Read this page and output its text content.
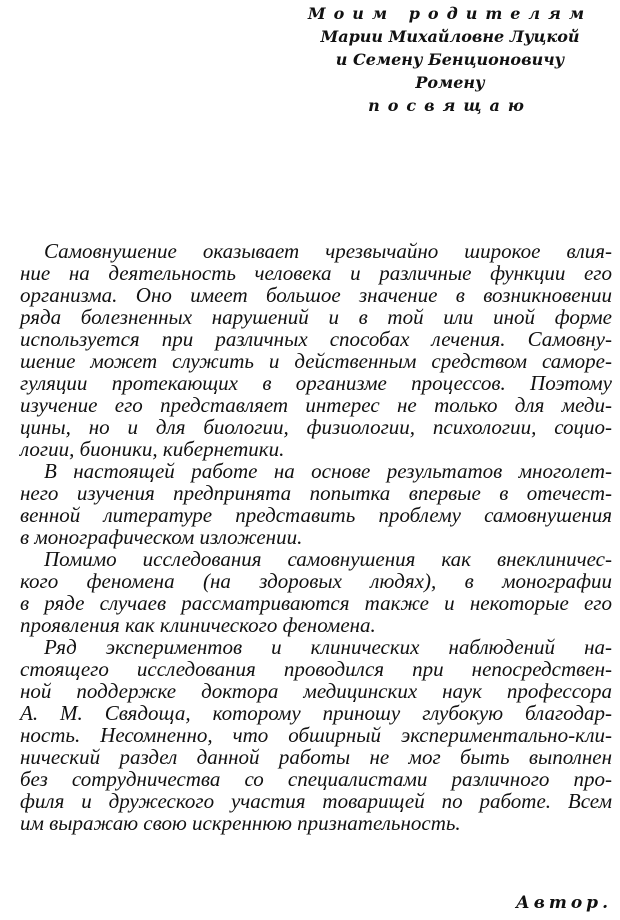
Моим родителям
Марии Михайловне Луцкой
и Семену Бенционовичу Ромену
посвящаю
Самовнушение оказывает чрезвычайно широкое влия-
ние на деятельность человека и различные функции его
организма. Оно имеет большое значение в возникновении
ряда болезненных нарушений и в той или иной форме
используется при различных способах лечения. Самовну-
шение может служить и действенным средством саморе-
гуляции протекающих в организме процессов. Поэтому
изучение его представляет интерес не только для меди-
цины, но и для биологии, физиологии, психологии, социо-
логии, бионики, кибернетики.
В настоящей работе на основе результатов многолет-
него изучения предпринята попытка впервые в отечест-
венной литературе представить проблему самовнушения
в монографическом изложении.
Помимо исследования самовнушения как внеклиничес-
кого феномена (на здоровых людях), в монографии
в ряде случаев рассматриваются также и некоторые его
проявления как клинического феномена.
Ряд экспериментов и клинических наблюдений на-
стоящего исследования проводился при непосредствен-
ной поддержке доктора медицинских наук профессора
А. М. Свядоща, которому приношу глубокую благодар-
ность. Несомненно, что обширный экспериментально-кли-
нический раздел данной работы не мог быть выполнен
без сотрудничества со специалистами различного про-
филя и дружеского участия товарищей по работе. Всем
им выражаю свою искреннюю признательность.
Автор.
